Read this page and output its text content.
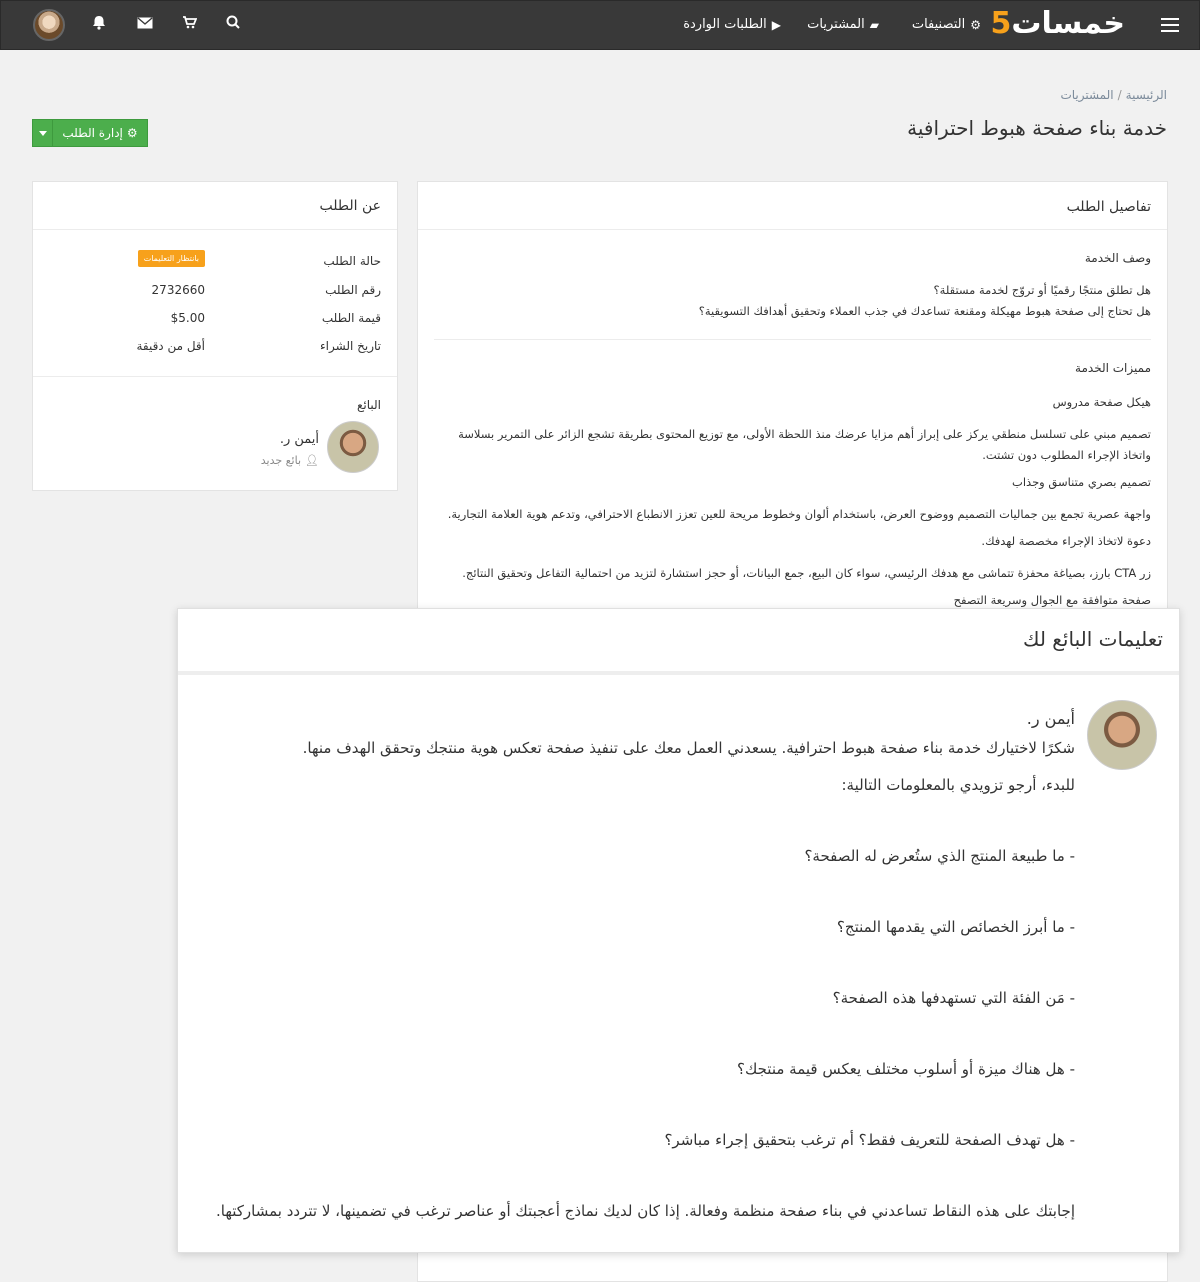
خمسات5
⚙
التصنيفات
▰
المشتريات
▶
الطلبات الواردة
الرئيسية/المشتريات
خدمة بناء صفحة هبوط احترافية
⚙
إدارة الطلب
عن الطلب
حالة الطلب
بانتظار التعليمات
رقم الطلب
2732660
قيمة الطلب
$5.00
تاريخ الشراء
أقل من دقيقة
البائع
أيمن ر.
👤︎
بائع جديد
تفاصيل الطلب
وصف الخدمة

هل تطلق منتجًا رقميًا أو تروّج لخدمة مستقلة؟

هل تحتاج إلى صفحة هبوط مهيكلة ومقنعة تساعدك في جذب العملاء وتحقيق أهدافك التسويقية؟

مميزات الخدمة

هيكل صفحة مدروس

تصميم مبني على تسلسل منطقي يركز على إبراز أهم مزايا عرضك منذ اللحظة الأولى، مع توزيع المحتوى بطريقة تشجع الزائر على التمرير بسلاسة واتخاذ الإجراء المطلوب دون تشتت.

تصميم بصري متناسق وجذاب

واجهة عصرية تجمع بين جماليات التصميم ووضوح العرض، باستخدام ألوان وخطوط مريحة للعين تعزز الانطباع الاحترافي، وتدعم هوية العلامة التجارية.

دعوة لاتخاذ الإجراء مخصصة لهدفك.

زر CTA بارز، بصياغة محفزة تتماشى مع هدفك الرئيسي، سواء كان البيع، جمع البيانات، أو حجز استشارة لتزيد من احتمالية التفاعل وتحقيق النتائج.

صفحة متوافقة مع الجوال وسريعة التصفح

تعليمات البائع لك
أيمن ر.
شكرًا لاختيارك خدمة بناء صفحة هبوط احترافية. يسعدني العمل معك على تنفيذ صفحة تعكس هوية منتجك وتحقق الهدف منها.
للبدء، أرجو تزويدي بالمعلومات التالية:
- ما طبيعة المنتج الذي ستُعرض له الصفحة؟
- ما أبرز الخصائص التي يقدمها المنتج؟
- مَن الفئة التي تستهدفها هذه الصفحة؟
- هل هناك ميزة أو أسلوب مختلف يعكس قيمة منتجك؟
- هل تهدف الصفحة للتعريف فقط؟ أم ترغب بتحقيق إجراء مباشر؟
إجابتك على هذه النقاط تساعدني في بناء صفحة منظمة وفعالة. إذا كان لديك نماذج أعجبتك أو عناصر ترغب في تضمينها، لا تتردد بمشاركتها.
